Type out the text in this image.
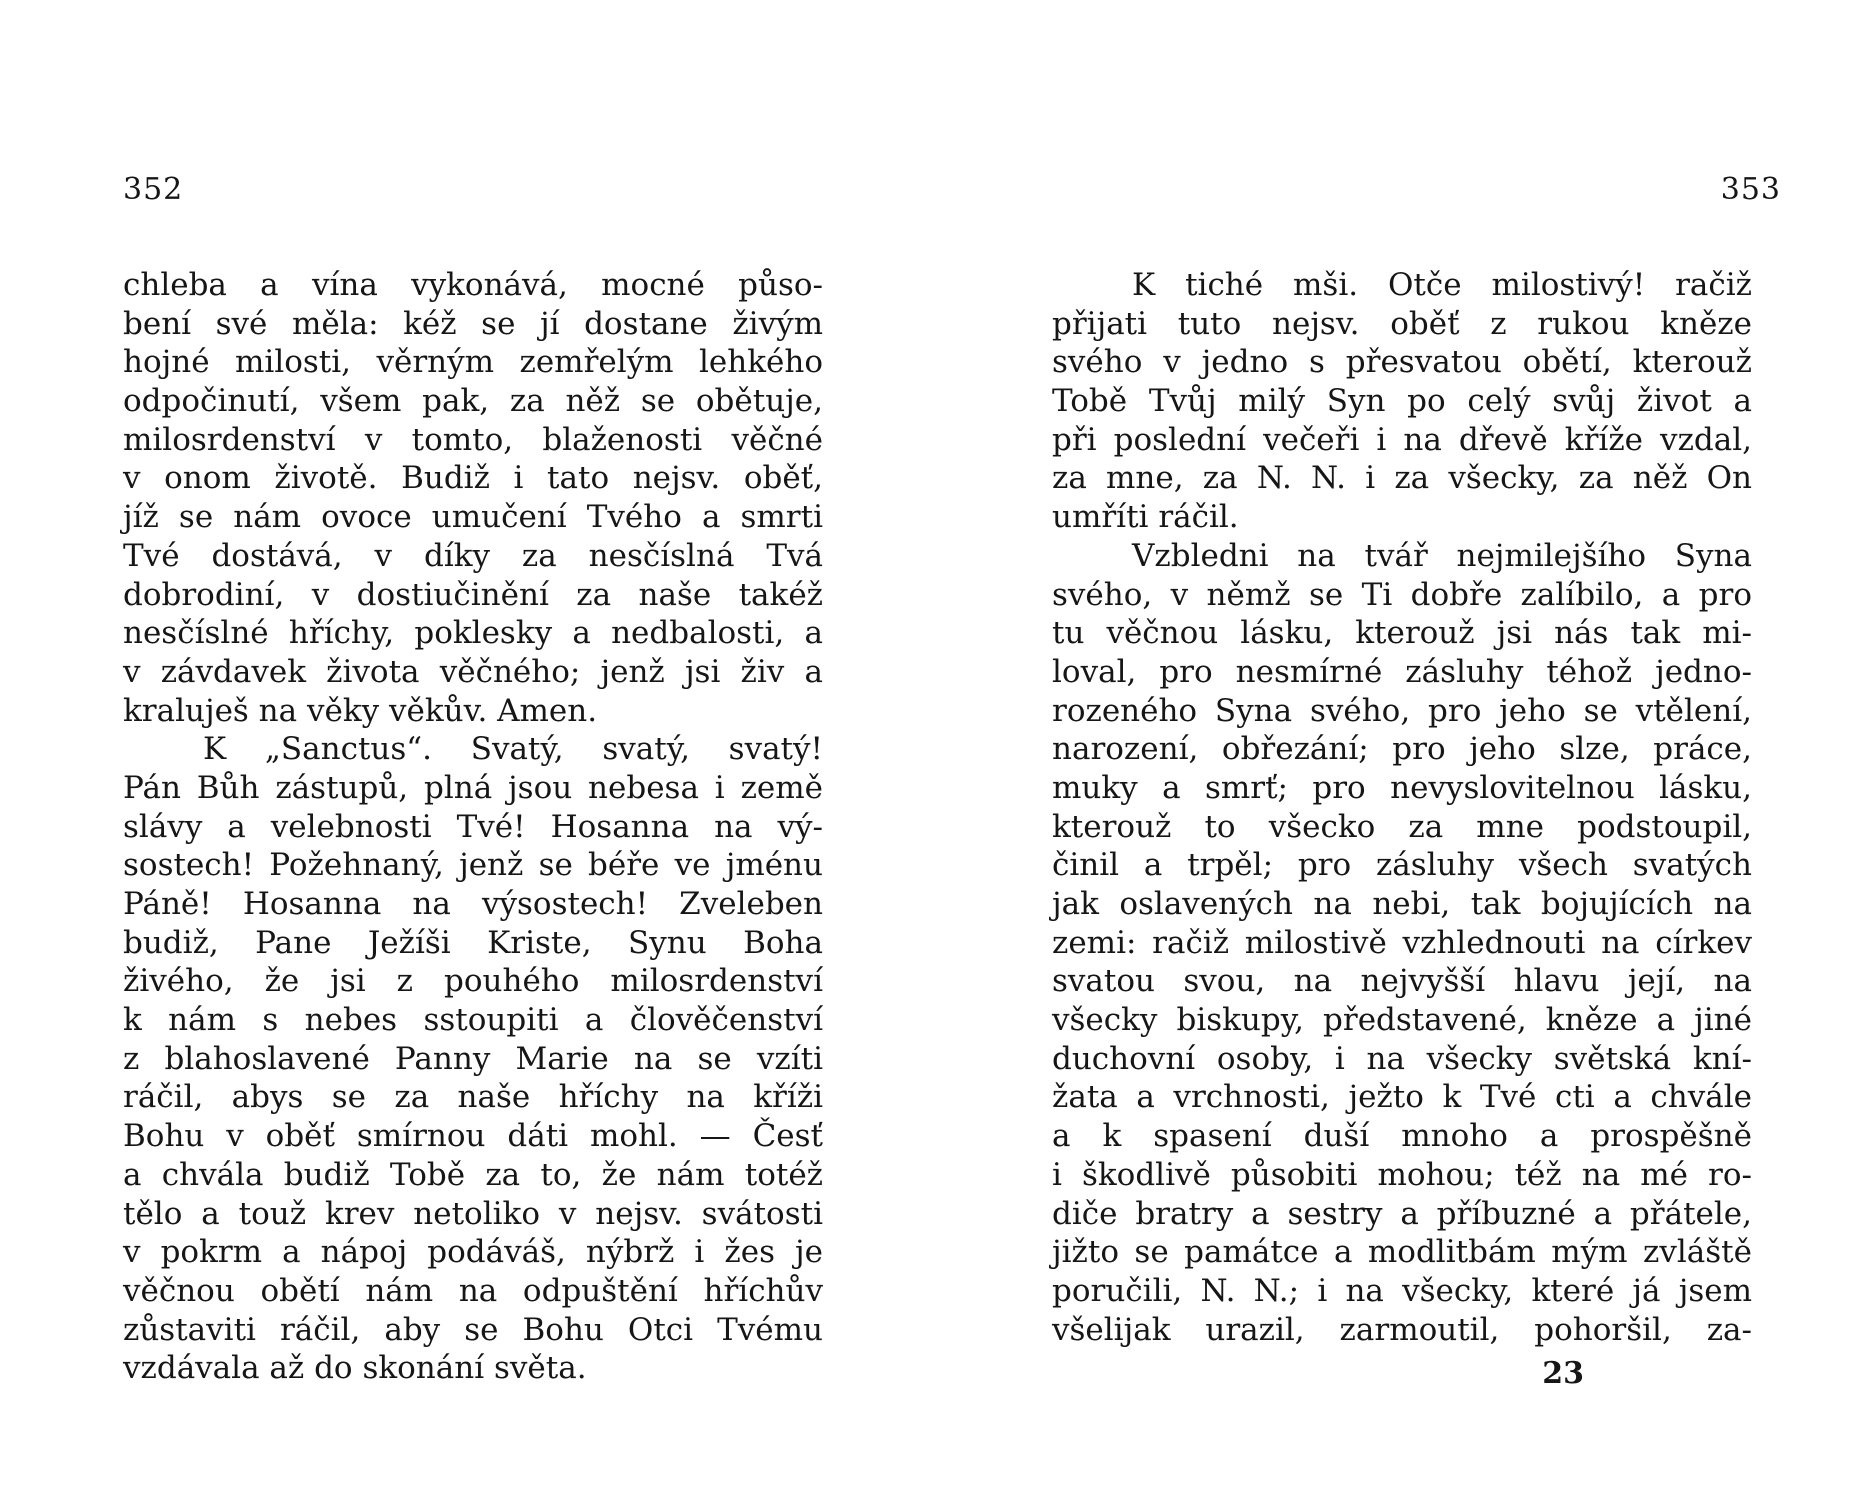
352
chleba a vína vykonává, mocné půso-
bení své měla: kéž se jí dostane živým
hojné milosti, věrným zemřelým lehkého
odpočinutí, všem pak, za něž se obětuje,
milosrdenství v tomto, blaženosti věčné
v onom životě. Budiž i tato nejsv. oběť,
jíž se nám ovoce umučení Tvého a smrti
Tvé dostává, v díky za nesčíslná Tvá
dobrodiní, v dostiučinění za naše takéž
nesčíslné hříchy, poklesky a nedbalosti, a
v závdavek života věčného; jenž jsi živ a
kraluješ na věky věkův. Amen.
K „Sanctus“. Svatý, svatý, svatý!
Pán Bůh zástupů, plná jsou nebesa i země
slávy a velebnosti Tvé! Hosanna na vý-
sostech! Požehnaný, jenž se béře ve jménu
Páně! Hosanna na výsostech! Zveleben
budiž, Pane Ježíši Kriste, Synu Boha
živého, že jsi z pouhého milosrdenství
k nám s nebes sstoupiti a člověčenství
z blahoslavené Panny Marie na se vzíti
ráčil, abys se za naše hříchy na kříži
Bohu v oběť smírnou dáti mohl. — Česť
a chvála budiž Tobě za to, že nám totéž
tělo a touž krev netoliko v nejsv. svátosti
v pokrm a nápoj podáváš, nýbrž i žes je
věčnou obětí nám na odpuštění hříchův
zůstaviti ráčil, aby se Bohu Otci Tvému
vzdávala až do skonání světa.
353
K tiché mši. Otče milostivý! račiž
přijati tuto nejsv. oběť z rukou kněze
svého v jedno s přesvatou obětí, kterouž
Tobě Tvůj milý Syn po celý svůj život a
při poslední večeři i na dřevě kříže vzdal,
za mne, za N. N. i za všecky, za něž On
umříti ráčil.
Vzbledni na tvář nejmilejšího Syna
svého, v němž se Ti dobře zalíbilo, a pro
tu věčnou lásku, kterouž jsi nás tak mi-
loval, pro nesmírné zásluhy téhož jedno-
rozeného Syna svého, pro jeho se vtělení,
narození, obřezání; pro jeho slze, práce,
muky a smrť; pro nevyslovitelnou lásku,
kterouž to všecko za mne podstoupil,
činil a trpěl; pro zásluhy všech svatých
jak oslavených na nebi, tak bojujících na
zemi: račiž milostivě vzhlednouti na církev
svatou svou, na nejvyšší hlavu její, na
všecky biskupy, představené, kněze a jiné
duchovní osoby, i na všecky světská kní-
žata a vrchnosti, ježto k Tvé cti a chvále
a k spasení duší mnoho a prospěšně
i škodlivě působiti mohou; též na mé ro-
diče bratry a sestry a příbuzné a přátele,
jižto se památce a modlitbám mým zvláště
poručili, N. N.; i na všecky, které já jsem
všelijak urazil, zarmoutil, pohoršil, za-
23
